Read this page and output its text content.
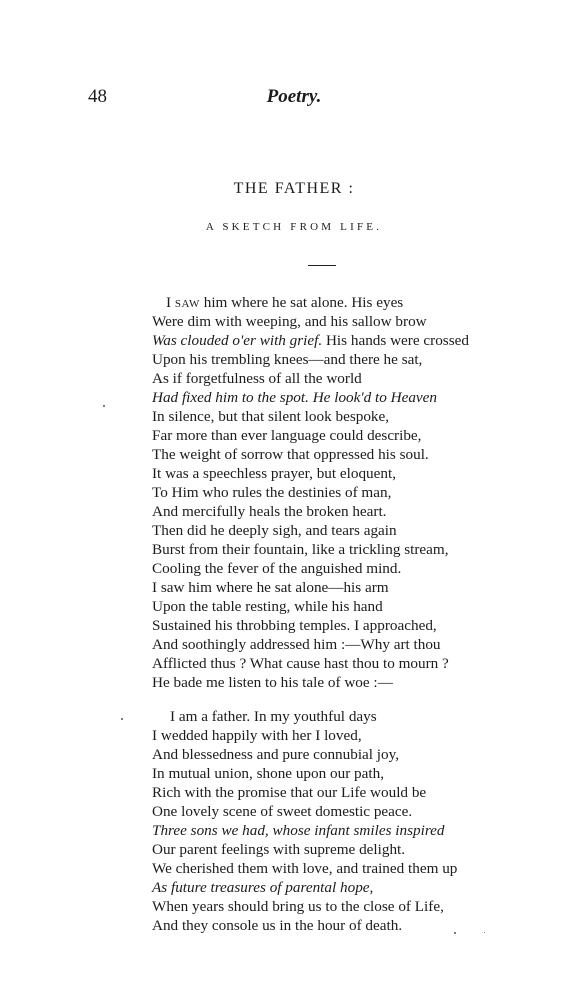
48	Poetry.
THE FATHER :
A SKETCH FROM LIFE.
I SAW him where he sat alone. His eyes
Were dim with weeping, and his sallow brow
Was clouded o'er with grief. His hands were crossed
Upon his trembling knees—and there he sat,
As if forgetfulness of all the world
Had fixed him to the spot. He look'd to Heaven
In silence, but that silent look bespoke,
Far more than ever language could describe,
The weight of sorrow that oppressed his soul.
It was a speechless prayer, but eloquent,
To Him who rules the destinies of man,
And mercifully heals the broken heart.
Then did he deeply sigh, and tears again
Burst from their fountain, like a trickling stream,
Cooling the fever of the anguished mind.
I saw him where he sat alone—his arm
Upon the table resting, while his hand
Sustained his throbbing temples. I approached,
And soothingly addressed him :—Why art thou
Afflicted thus ? What cause hast thou to mourn ?
He bade me listen to his tale of woe :—
I am a father. In my youthful days
I wedded happily with her I loved,
And blessedness and pure connubial joy,
In mutual union, shone upon our path,
Rich with the promise that our Life would be
One lovely scene of sweet domestic peace.
Three sons we had, whose infant smiles inspired
Our parent feelings with supreme delight.
We cherished them with love, and trained them up
As future treasures of parental hope,
When years should bring us to the close of Life,
And they console us in the hour of death.
